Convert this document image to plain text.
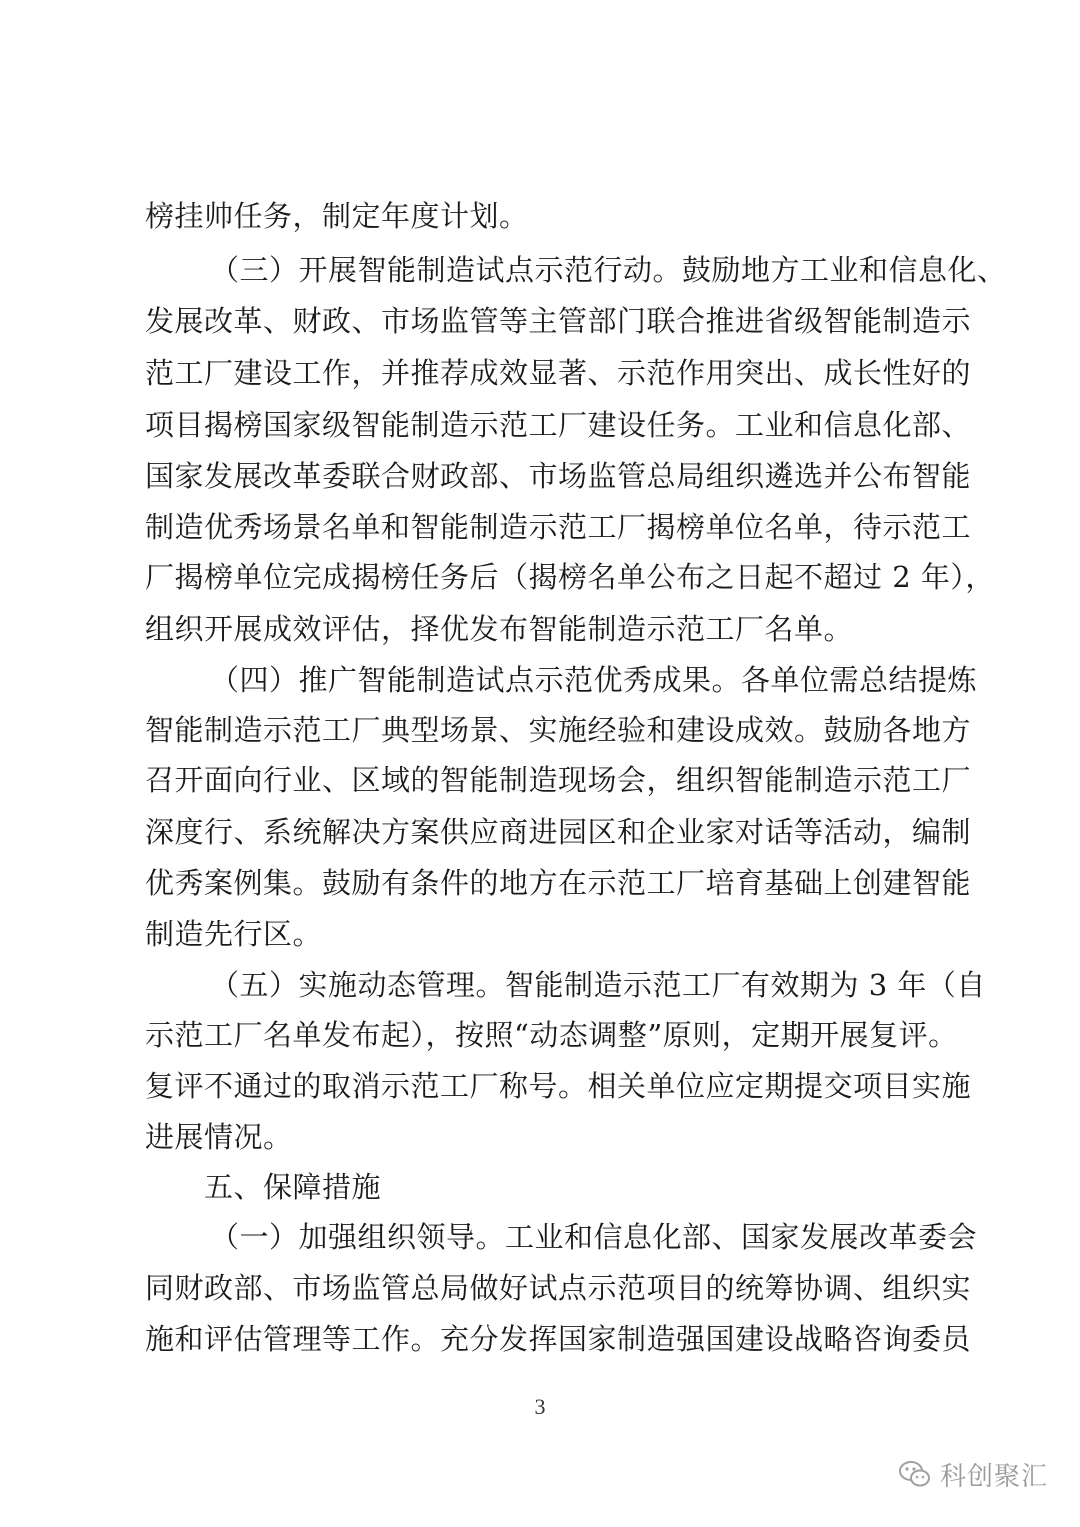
榜挂帅任务，制定年度计划。
（三）开展智能制造试点示范行动。鼓励地方工业和信息化、
发展改革、财政、市场监管等主管部门联合推进省级智能制造示
范工厂建设工作，并推荐成效显著、示范作用突出、成长性好的
项目揭榜国家级智能制造示范工厂建设任务。工业和信息化部、
国家发展改革委联合财政部、市场监管总局组织遴选并公布智能
制造优秀场景名单和智能制造示范工厂揭榜单位名单，待示范工
厂揭榜单位完成揭榜任务后（揭榜名单公布之日起不超过 2 年），
组织开展成效评估，择优发布智能制造示范工厂名单。
（四）推广智能制造试点示范优秀成果。各单位需总结提炼
智能制造示范工厂典型场景、实施经验和建设成效。鼓励各地方
召开面向行业、区域的智能制造现场会，组织智能制造示范工厂
深度行、系统解决方案供应商进园区和企业家对话等活动，编制
优秀案例集。鼓励有条件的地方在示范工厂培育基础上创建智能
制造先行区。
（五）实施动态管理。智能制造示范工厂有效期为 3 年（自
示范工厂名单发布起），按照“动态调整”原则，定期开展复评。
复评不通过的取消示范工厂称号。相关单位应定期提交项目实施
进展情况。
五、保障措施
（一）加强组织领导。工业和信息化部、国家发展改革委会
同财政部、市场监管总局做好试点示范项目的统筹协调、组织实
施和评估管理等工作。充分发挥国家制造强国建设战略咨询委员
3
科创聚汇
